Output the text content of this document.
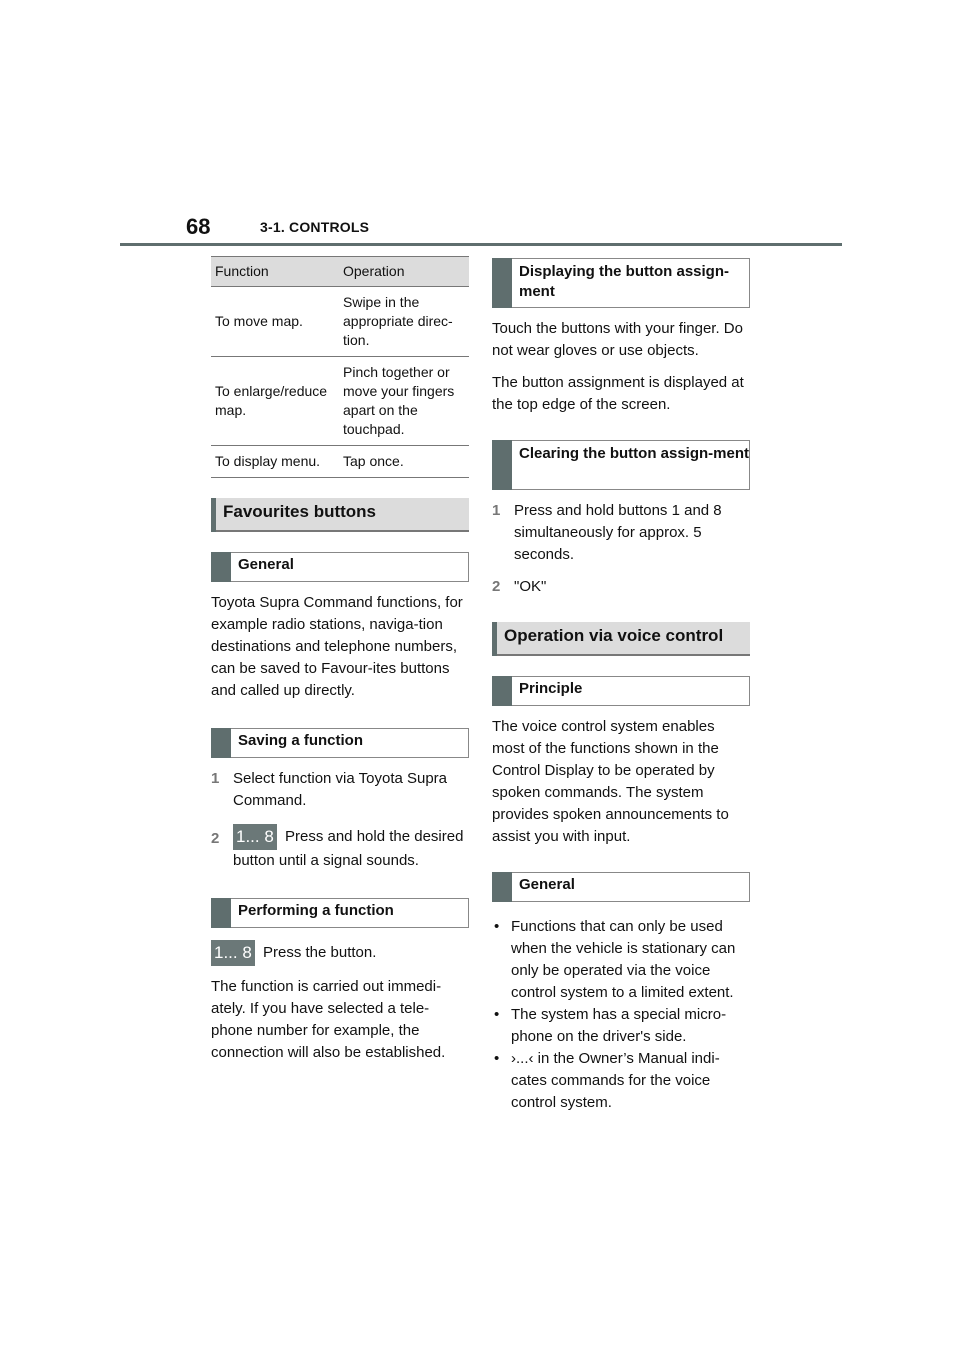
68	3-1. CONTROLS
Function	Operation
To move map.	Swipe in the appropriate direc-tion.
To enlarge/reduce map.	Pinch together or move your fingers apart on the touchpad.
To display menu.	Tap once.
Favourites buttons
General

Toyota Supra Command functions, for example radio stations, naviga-tion destinations and telephone numbers, can be saved to Favour-ites buttons and called up directly.

Saving a function
1 Select function via Toyota Supra Command.
2 1... 8 Press and hold the desired button until a signal sounds.
Performing a function

1... 8 Press the button.

The function is carried out immedi-ately. If you have selected a tele-phone number for example, the connection will also be established.

Displaying the button assign-ment

Touch the buttons with your finger. Do not wear gloves or use objects.

The button assignment is displayed at the top edge of the screen.

Clearing the button assign-ment
1 Press and hold buttons 1 and 8 simultaneously for approx. 5 seconds.
2 "OK"
Operation via voice control
Principle

The voice control system enables most of the functions shown in the Control Display to be operated by spoken commands. The system provides spoken announcements to assist you with input.

General
• Functions that can only be used when the vehicle is stationary can only be operated via the voice control system to a limited extent.
• The system has a special micro-phone on the driver's side.
• ›...‹ in the Owner’s Manual indi-cates commands for the voice control system.
